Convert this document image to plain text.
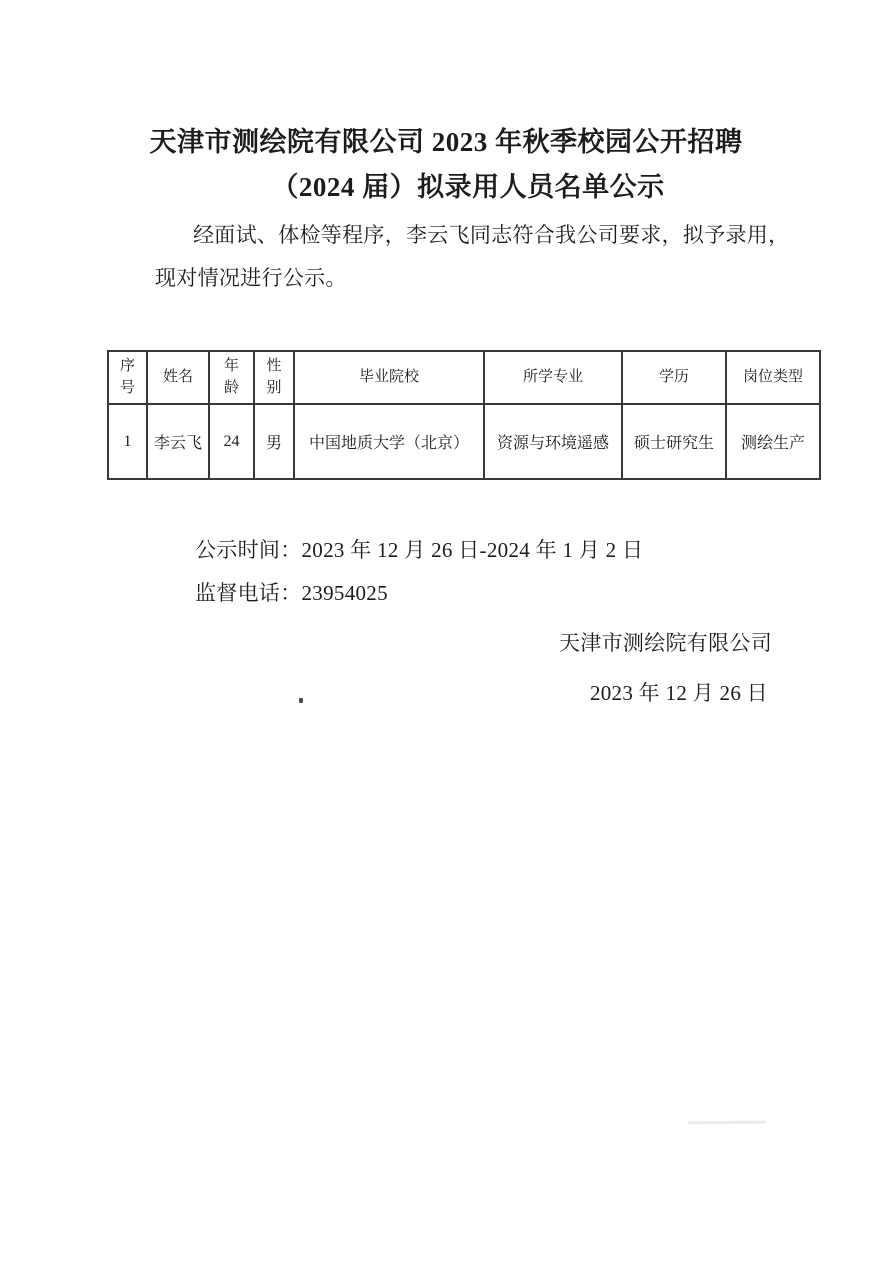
天津市测绘院有限公司 2023 年秋季校园公开招聘
（2024 届）拟录用人员名单公示

经面试、体检等程序，李云飞同志符合我公司要求，拟予录用，

现对情况进行公示。

序号	姓名	年龄	性别	毕业院校	所学专业	学历	岗位类型
1	李云飞	24	男	中国地质大学（北京）	资源与环境遥感	硕士研究生	测绘生产

公示时间：2023 年 12 月 26 日-2024 年 1 月 2 日

监督电话：23954025

天津市测绘院有限公司

2023 年 12 月 26 日
